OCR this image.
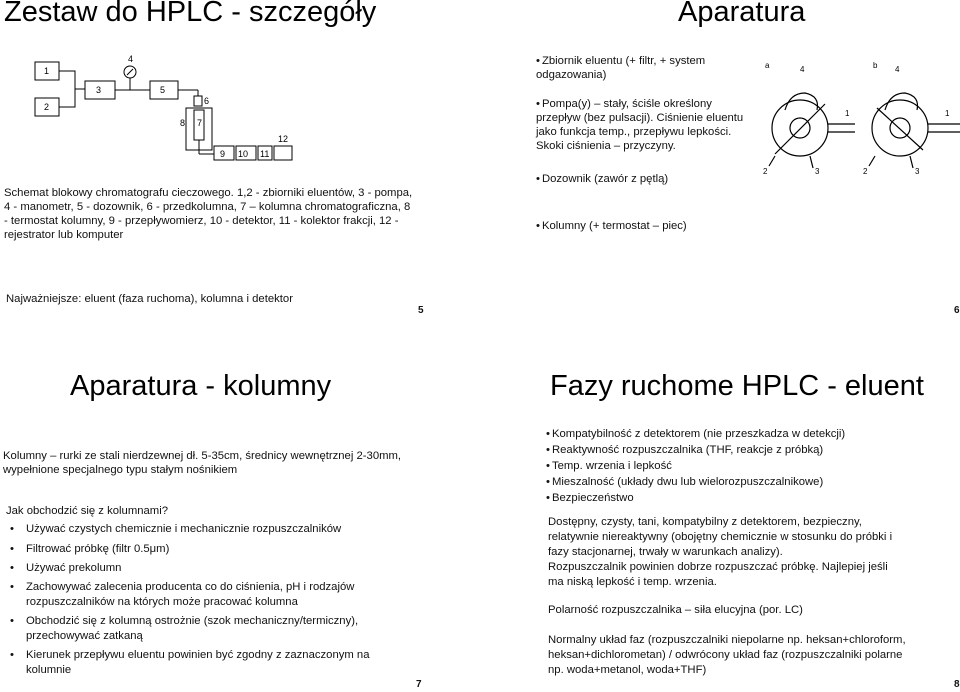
Zestaw do HPLC - szczegóły
1
2
3
4
5
6
7
8
9 10 11
12
Schemat blokowy chromatografu cieczowego. 1,2 - zbiorniki eluentów, 3 - pompa, 4 - manometr, 5 - dozownik, 6 - przedkolumna, 7 – kolumna chromatograficzna, 8 - termostat kolumny, 9 - przepływomierz, 10 - detektor, 11 - kolektor frakcji, 12 - rejestrator lub komputer
Najważniejsze: eluent (faza ruchoma), kolumna i detektor
5
Aparatura
• Zbiornik eluentu (+ filtr, + system odgazowania)
• Pompa(y) – stały, ściśle określony przepływ (bez pulsacji). Ciśnienie eluentu jako funkcja temp., przepływu lepkości. Skoki ciśnienia – przyczyny.
• Dozownik (zawór z pętlą)
• Kolumny (+ termostat – piec)
a	4
1
2	3
b 4
1
2	3
6
Aparatura - kolumny
Kolumny – rurki ze stali nierdzewnej dł. 5-35cm, średnicy wewnętrznej 2-30mm, wypełnione specjalnego typu stałym nośnikiem
Jak obchodzić się z kolumnami?
• Używać czystych chemicznie i mechanicznie rozpuszczalników
• Filtrować próbkę (filtr 0.5μm)
• Używać prekolumn
• Zachowywać zalecenia producenta co do ciśnienia, pH i rodzajów rozpuszczalników na których może pracować kolumna
• Obchodzić się z kolumną ostrożnie (szok mechaniczny/termiczny), przechowywać zatkaną
• Kierunek przepływu eluentu powinien być zgodny z zaznaczonym na kolumnie
7
Fazy ruchome HPLC - eluent
• Kompatybilność z detektorem (nie przeszkadza w detekcji)
• Reaktywność rozpuszczalnika (THF, reakcje z próbką)
• Temp. wrzenia i lepkość
• Mieszalność (układy dwu lub wielorozpuszczalnikowe)
• Bezpieczeństwo
Dostępny, czysty, tani, kompatybilny z detektorem, bezpieczny, relatywnie niereaktywny (obojętny chemicznie w stosunku do próbki i fazy stacjonarnej, trwały w warunkach analizy).
Rozpuszczalnik powinien dobrze rozpuszczać próbkę. Najlepiej jeśli ma niską lepkość i temp. wrzenia.
Polarność rozpuszczalnika – siła elucyjna (por. LC)
Normalny układ faz (rozpuszczalniki niepolarne np. heksan+chloroform, heksan+dichlorometan) / odwrócony układ faz (rozpuszczalniki polarne np. woda+metanol, woda+THF)
8
